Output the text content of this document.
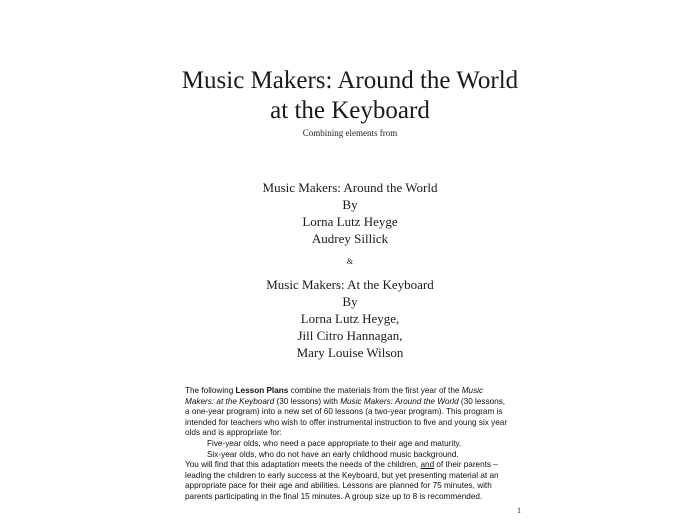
Music Makers: Around the World
at the Keyboard
Combining elements from
Music Makers: Around the World
By
Lorna Lutz Heyge
Audrey Sillick
&
Music Makers: At the Keyboard
By
Lorna Lutz Heyge,
Jill Citro Hannagan,
Mary Louise Wilson
The following Lesson Plans combine the materials from the first year of the Music
Makers: at the Keyboard (30 lessons) with Music Makers: Around the World (30 lessons,
a one-year program) into a new set of 60 lessons (a two-year program). This program is
intended for teachers who wish to offer instrumental instruction to five and young six year
olds and is appropriate for:
Five-year olds, who need a pace appropriate to their age and maturity.
Six-year olds, who do not have an early childhood music background.
You will find that this adaptation meets the needs of the children, and of their parents –
leading the children to early success at the Keyboard, but yet presenting material at an
appropriate pace for their age and abilities. Lessons are planned for 75 minutes, with
parents participating in the final 15 minutes. A group size up to 8 is recommended.
1
